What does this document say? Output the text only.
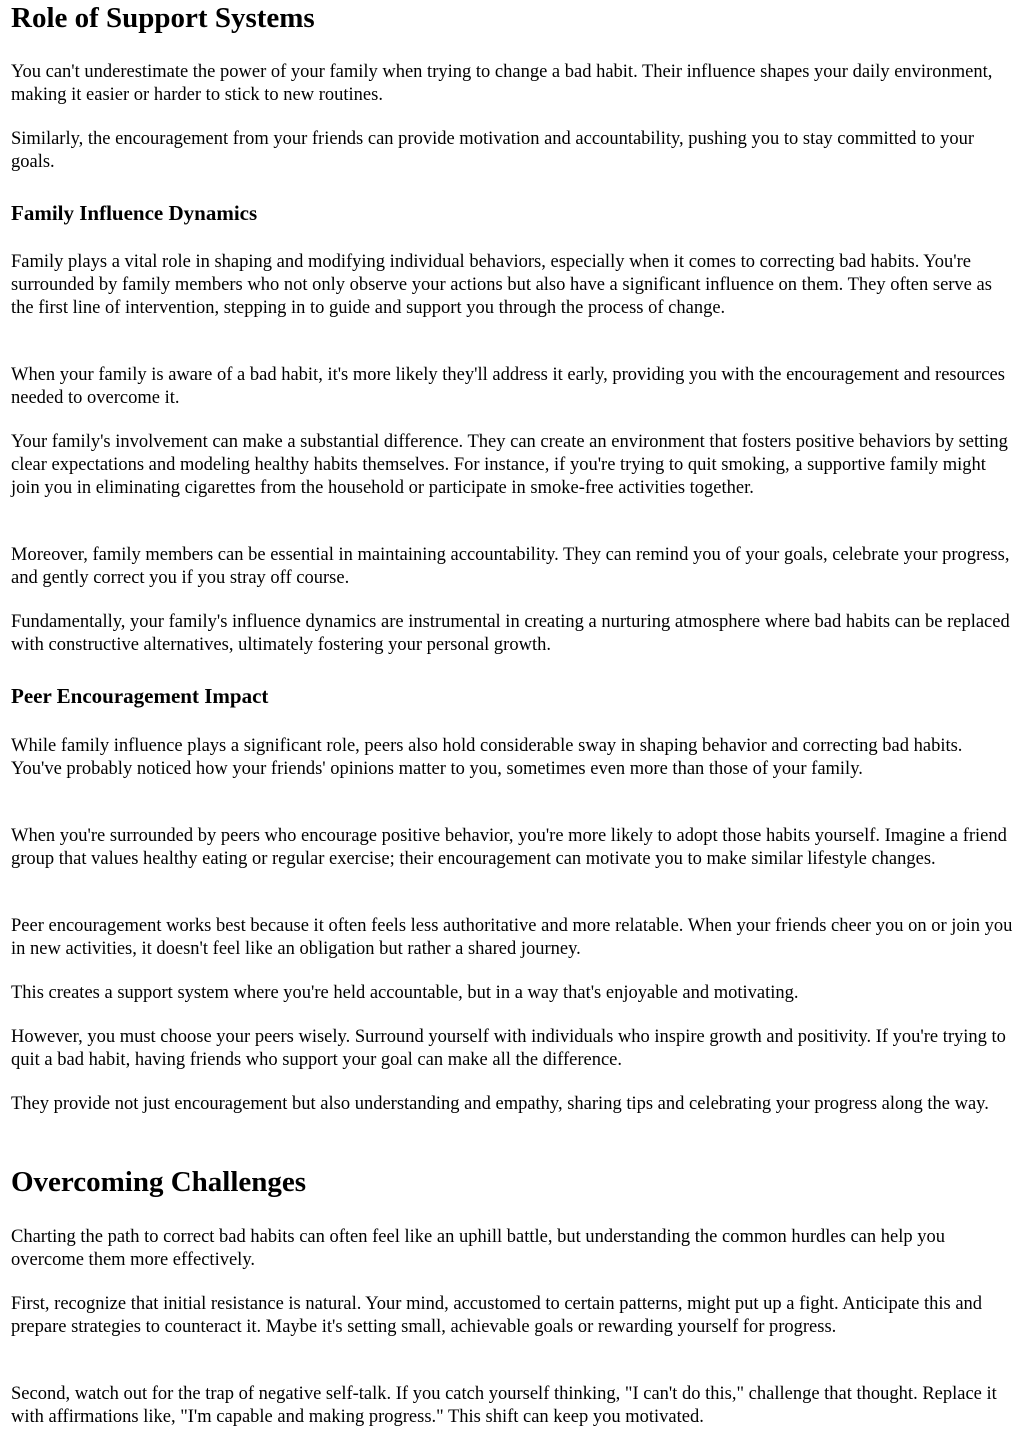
Role of Support Systems

You can't underestimate the power of your family when trying to change a bad habit. Their influence shapes your daily environment, making it easier or harder to stick to new routines.

Similarly, the encouragement from your friends can provide motivation and accountability, pushing you to stay committed to your goals.

Family Influence Dynamics

Family plays a vital role in shaping and modifying individual behaviors, especially when it comes to correcting bad habits. You're surrounded by family members who not only observe your actions but also have a significant influence on them. They often serve as the first line of intervention, stepping in to guide and support you through the process of change.

When your family is aware of a bad habit, it's more likely they'll address it early, providing you with the encouragement and resources needed to overcome it.

Your family's involvement can make a substantial difference. They can create an environment that fosters positive behaviors by setting clear expectations and modeling healthy habits themselves. For instance, if you're trying to quit smoking, a supportive family might join you in eliminating cigarettes from the household or participate in smoke-free activities together.

Moreover, family members can be essential in maintaining accountability. They can remind you of your goals, celebrate your progress, and gently correct you if you stray off course.

Fundamentally, your family's influence dynamics are instrumental in creating a nurturing atmosphere where bad habits can be replaced with constructive alternatives, ultimately fostering your personal growth.

Peer Encouragement Impact

While family influence plays a significant role, peers also hold considerable sway in shaping behavior and correcting bad habits. You've probably noticed how your friends' opinions matter to you, sometimes even more than those of your family.

When you're surrounded by peers who encourage positive behavior, you're more likely to adopt those habits yourself. Imagine a friend group that values healthy eating or regular exercise; their encouragement can motivate you to make similar lifestyle changes.

Peer encouragement works best because it often feels less authoritative and more relatable. When your friends cheer you on or join you in new activities, it doesn't feel like an obligation but rather a shared journey.

This creates a support system where you're held accountable, but in a way that's enjoyable and motivating.

However, you must choose your peers wisely. Surround yourself with individuals who inspire growth and positivity. If you're trying to quit a bad habit, having friends who support your goal can make all the difference.

They provide not just encouragement but also understanding and empathy, sharing tips and celebrating your progress along the way.

Overcoming Challenges

Charting the path to correct bad habits can often feel like an uphill battle, but understanding the common hurdles can help you overcome them more effectively.

First, recognize that initial resistance is natural. Your mind, accustomed to certain patterns, might put up a fight. Anticipate this and prepare strategies to counteract it. Maybe it's setting small, achievable goals or rewarding yourself for progress.

Second, watch out for the trap of negative self-talk. If you catch yourself thinking, "I can't do this," challenge that thought. Replace it with affirmations like, "I'm capable and making progress." This shift can keep you motivated.
